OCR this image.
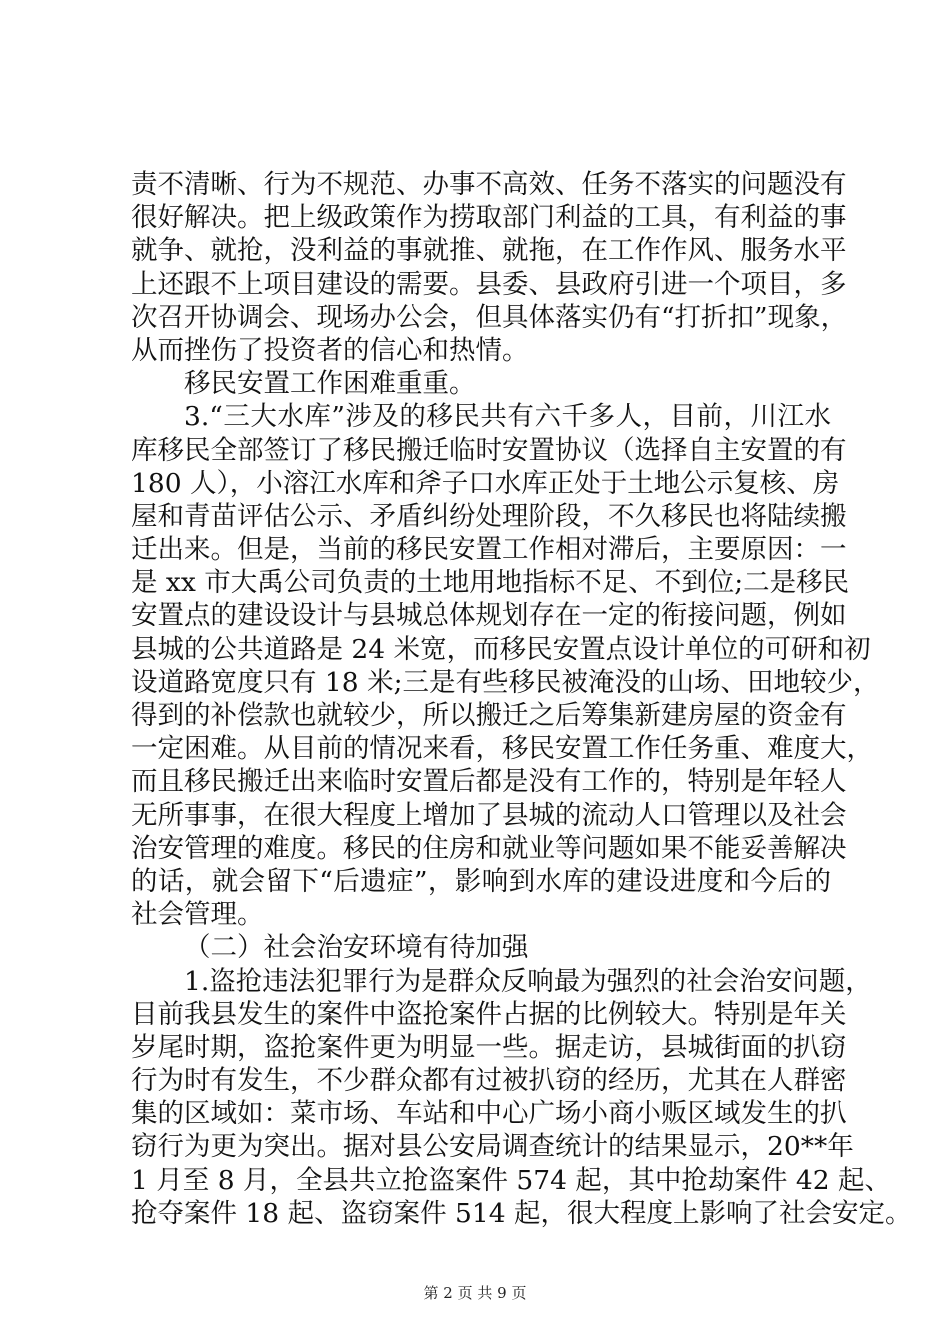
责不清晰、行为不规范、办事不高效、任务不落实的问题没有
很好解决。把上级政策作为捞取部门利益的工具，有利益的事
就争、就抢，没利益的事就推、就拖，在工作作风、服务水平
上还跟不上项目建设的需要。县委、县政府引进一个项目，多
次召开协调会、现场办公会，但具体落实仍有“打折扣”现象，
从而挫伤了投资者的信心和热情。
移民安置工作困难重重。
3.“三大水库”涉及的移民共有六千多人，目前，川江水
库移民全部签订了移民搬迁临时安置协议（选择自主安置的有
180 人），小溶江水库和斧子口水库正处于土地公示复核、房
屋和青苗评估公示、矛盾纠纷处理阶段，不久移民也将陆续搬
迁出来。但是，当前的移民安置工作相对滞后，主要原因：一
是 xx 市大禹公司负责的土地用地指标不足、不到位;二是移民
安置点的建设设计与县城总体规划存在一定的衔接问题，例如
县城的公共道路是 24 米宽，而移民安置点设计单位的可研和初
设道路宽度只有 18 米;三是有些移民被淹没的山场、田地较少，
得到的补偿款也就较少，所以搬迁之后筹集新建房屋的资金有
一定困难。从目前的情况来看，移民安置工作任务重、难度大，
而且移民搬迁出来临时安置后都是没有工作的，特别是年轻人
无所事事，在很大程度上增加了县城的流动人口管理以及社会
治安管理的难度。移民的住房和就业等问题如果不能妥善解决
的话，就会留下“后遗症”，影响到水库的建设进度和今后的
社会管理。
（二）社会治安环境有待加强
1.盗抢违法犯罪行为是群众反响最为强烈的社会治安问题，
目前我县发生的案件中盗抢案件占据的比例较大。特别是年关
岁尾时期，盗抢案件更为明显一些。据走访，县城街面的扒窃
行为时有发生，不少群众都有过被扒窃的经历，尤其在人群密
集的区域如：菜市场、车站和中心广场小商小贩区域发生的扒
窃行为更为突出。据对县公安局调查统计的结果显示，20**年
1 月至 8 月，全县共立抢盗案件 574 起，其中抢劫案件 42 起、
抢夺案件 18 起、盗窃案件 514 起，很大程度上影响了社会安定。
第 2 页 共 9 页
